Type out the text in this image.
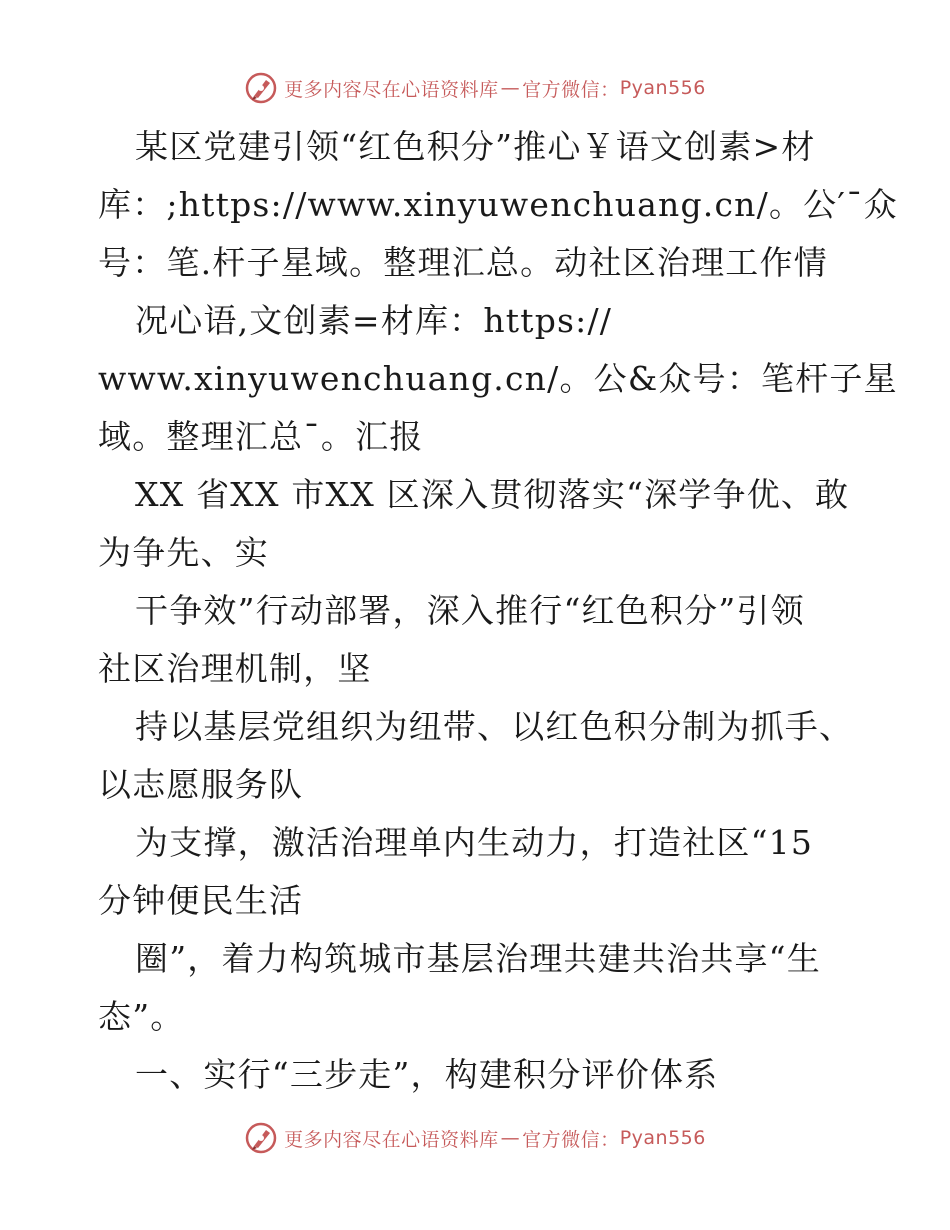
更多内容尽在心语资料库 — 官方微信： Pyan556
某区党建引领“红色积分”推心￥语文创素>材
库：;https://www.xinyuwenchuang.cn/。公′¯众
号：笔.杆子星域。整理汇总。动社区治理工作情
况心语,文创素=材库：https://
www.xinyuwenchuang.cn/。公&众号：笔杆子星
域。整理汇总¯。汇报
XX 省XX 市XX 区深入贯彻落实“深学争优、敢
为争先、实
干争效”行动部署，深入推行“红色积分”引领
社区治理机制，坚
持以基层党组织为纽带、以红色积分制为抓手、
以志愿服务队
为支撑，激活治理单内生动力，打造社区“15
分钟便民生活
圈”，着力构筑城市基层治理共建共治共享“生
态”。
一、实行“三步走”，构建积分评价体系
更多内容尽在心语资料库 — 官方微信： Pyan556
